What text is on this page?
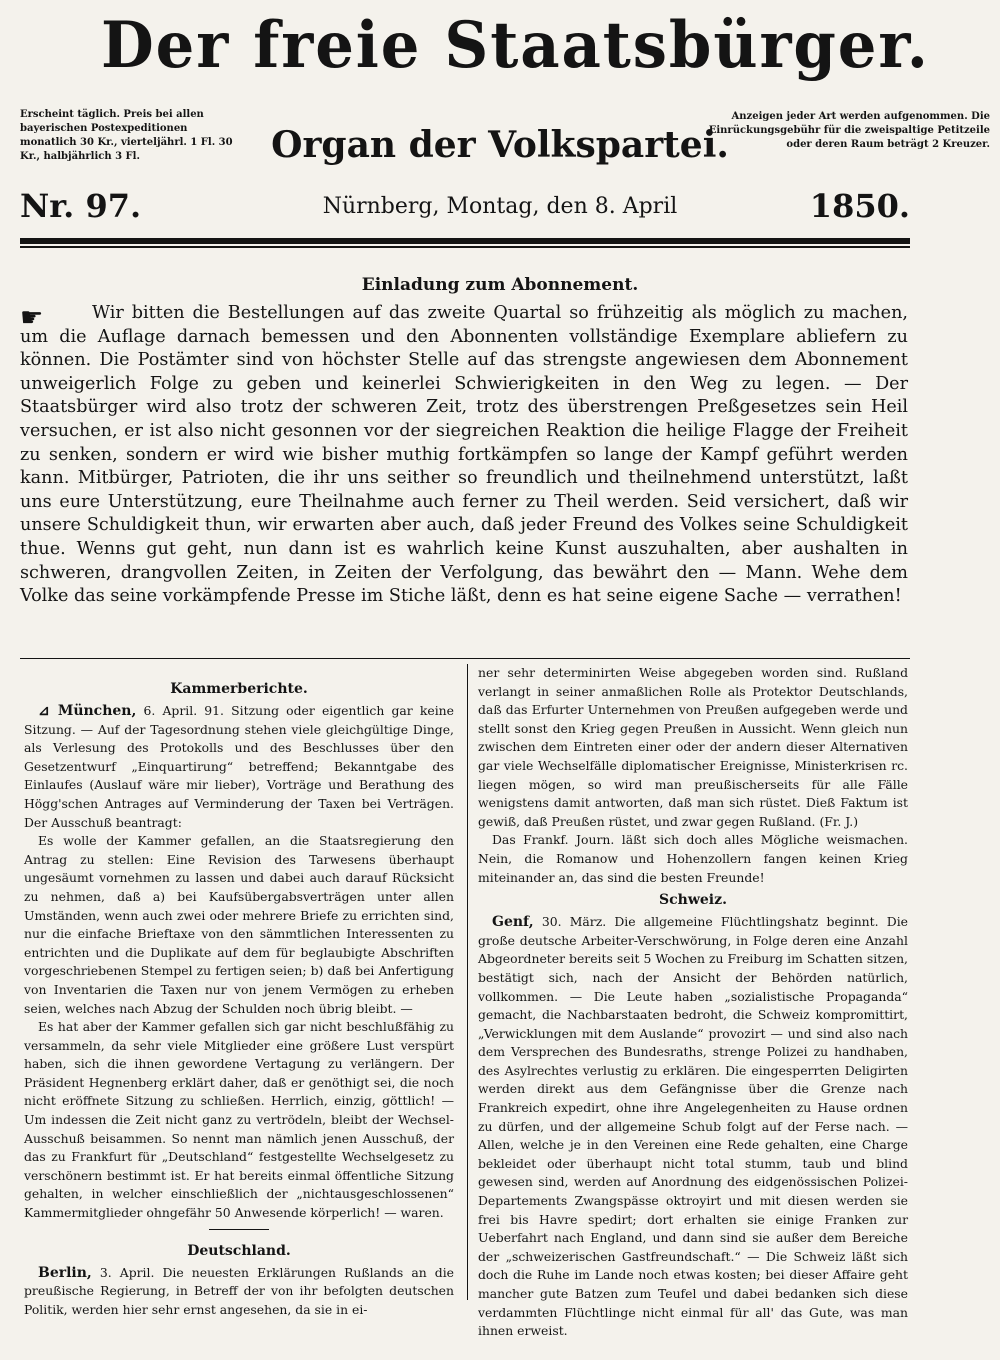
Der freie Staatsbürger.
Erscheint täglich. Preis bei allen bayerischen Postexpeditionen monatlich 30 Kr., vierteljährl. 1 Fl. 30 Kr., halbjährlich 3 Fl.	Organ der Volkspartei.
Anzeigen jeder Art werden aufgenommen. Die Einrückungsgebühr für die zweispaltige Petitzeile oder deren Raum beträgt 2 Kreuzer.
Nr. 97.	Nürnberg, Montag, den 8. April	1850.
Einladung zum Abonnement.
☛	Wir bitten die Bestellungen auf das zweite Quartal so frühzeitig als möglich zu machen, um die Auflage darnach bemessen und den Abonnenten vollständige Exemplare abliefern zu können. Die Postämter sind von höchster Stelle auf das strengste angewiesen dem Abonnement unweigerlich Folge zu geben und keinerlei Schwierigkeiten in den Weg zu legen. — Der Staatsbürger wird also trotz der schweren Zeit, trotz des überstrengen Preßgesetzes sein Heil versuchen, er ist also nicht gesonnen vor der siegreichen Reaktion die heilige Flagge der Freiheit zu senken, sondern er wird wie bisher muthig fortkämpfen so lange der Kampf geführt werden kann. Mitbürger, Patrioten, die ihr uns seither so freundlich und theilnehmend unterstützt, laßt uns eure Unterstützung, eure Theilnahme auch ferner zu Theil werden. Seid versichert, daß wir unsere Schuldigkeit thun, wir erwarten aber auch, daß jeder Freund des Volkes seine Schuldigkeit thue. Wenns gut geht, nun dann ist es wahrlich keine Kunst auszuhalten, aber aushalten in schweren, drangvollen Zeiten, in Zeiten der Verfolgung, das bewährt den — Mann. Wehe dem Volke das seine vorkämpfende Presse im Stiche läßt, denn es hat seine eigene Sache — verrathen!
Kammerberichte.

⊿ München, 6. April. 91. Sitzung oder eigentlich gar keine Sitzung. — Auf der Tagesordnung stehen viele gleichgültige Dinge, als Verlesung des Protokolls und des Beschlusses über den Gesetzentwurf „Einquartirung“ betreffend; Bekanntgabe des Einlaufes (Auslauf wäre mir lieber), Vorträge und Berathung des Högg'schen Antrages auf Verminderung der Taxen bei Verträgen. Der Ausschuß beantragt:

Es wolle der Kammer gefallen, an die Staatsregierung den Antrag zu stellen: Eine Revision des Tarwesens überhaupt ungesäumt vornehmen zu lassen und dabei auch darauf Rücksicht zu nehmen, daß a) bei Kaufsübergabsverträgen unter allen Umständen, wenn auch zwei oder mehrere Briefe zu errichten sind, nur die einfache Brieftaxe von den sämmtlichen Interessenten zu entrichten und die Duplikate auf dem für beglaubigte Abschriften vorgeschriebenen Stempel zu fertigen seien; b) daß bei Anfertigung von Inventarien die Taxen nur von jenem Vermögen zu erheben seien, welches nach Abzug der Schulden noch übrig bleibt. —

Es hat aber der Kammer gefallen sich gar nicht beschlußfähig zu versammeln, da sehr viele Mitglieder eine größere Lust verspürt haben, sich die ihnen gewordene Vertagung zu verlängern. Der Präsident Hegnenberg erklärt daher, daß er genöthigt sei, die noch nicht eröffnete Sitzung zu schließen. Herrlich, einzig, göttlich! — Um indessen die Zeit nicht ganz zu vertrödeln, bleibt der Wechsel-Ausschuß beisammen. So nennt man nämlich jenen Ausschuß, der das zu Frankfurt für „Deutschland“ festgestellte Wechselgesetz zu verschönern bestimmt ist. Er hat bereits einmal öffentliche Sitzung gehalten, in welcher einschließlich der „nichtausgeschlossenen“ Kammermitglieder ohngefähr 50 Anwesende körperlich! — waren.

Deutschland.

Berlin, 3. April. Die neuesten Erklärungen Rußlands an die preußische Regierung, in Betreff der von ihr befolgten deutschen Politik, werden hier sehr ernst angesehen, da sie in ei-

ner sehr determinirten Weise abgegeben worden sind. Rußland verlangt in seiner anmaßlichen Rolle als Protektor Deutschlands, daß das Erfurter Unternehmen von Preußen aufgegeben werde und stellt sonst den Krieg gegen Preußen in Aussicht. Wenn gleich nun zwischen dem Eintreten einer oder der andern dieser Alternativen gar viele Wechselfälle diplomatischer Ereignisse, Ministerkrisen rc. liegen mögen, so wird man preußischerseits für alle Fälle wenigstens damit antworten, daß man sich rüstet. Dieß Faktum ist gewiß, daß Preußen rüstet, und zwar gegen Rußland. (Fr. J.)

Das Frankf. Journ. läßt sich doch alles Mögliche weismachen. Nein, die Romanow und Hohenzollern fangen keinen Krieg miteinander an, das sind die besten Freunde!

Schweiz.

Genf, 30. März. Die allgemeine Flüchtlingshatz beginnt. Die große deutsche Arbeiter-Verschwörung, in Folge deren eine Anzahl Abgeordneter bereits seit 5 Wochen zu Freiburg im Schatten sitzen, bestätigt sich, nach der Ansicht der Behörden natürlich, vollkommen. — Die Leute haben „sozialistische Propaganda“ gemacht, die Nachbarstaaten bedroht, die Schweiz kompromittirt, „Verwicklungen mit dem Auslande“ provozirt — und sind also nach dem Versprechen des Bundesraths, strenge Polizei zu handhaben, des Asylrechtes verlustig zu erklären. Die eingesperrten Deligirten werden direkt aus dem Gefängnisse über die Grenze nach Frankreich expedirt, ohne ihre Angelegenheiten zu Hause ordnen zu dürfen, und der allgemeine Schub folgt auf der Ferse nach. — Allen, welche je in den Vereinen eine Rede gehalten, eine Charge bekleidet oder überhaupt nicht total stumm, taub und blind gewesen sind, werden auf Anordnung des eidgenössischen Polizei-Departements Zwangspässe oktroyirt und mit diesen werden sie frei bis Havre spedirt; dort erhalten sie einige Franken zur Ueberfahrt nach England, und dann sind sie außer dem Bereiche der „schweizerischen Gastfreundschaft.“ — Die Schweiz läßt sich doch die Ruhe im Lande noch etwas kosten; bei dieser Affaire geht mancher gute Batzen zum Teufel und dabei bedanken sich diese verdammten Flüchtlinge nicht einmal für all' das Gute, was man ihnen erweist.
